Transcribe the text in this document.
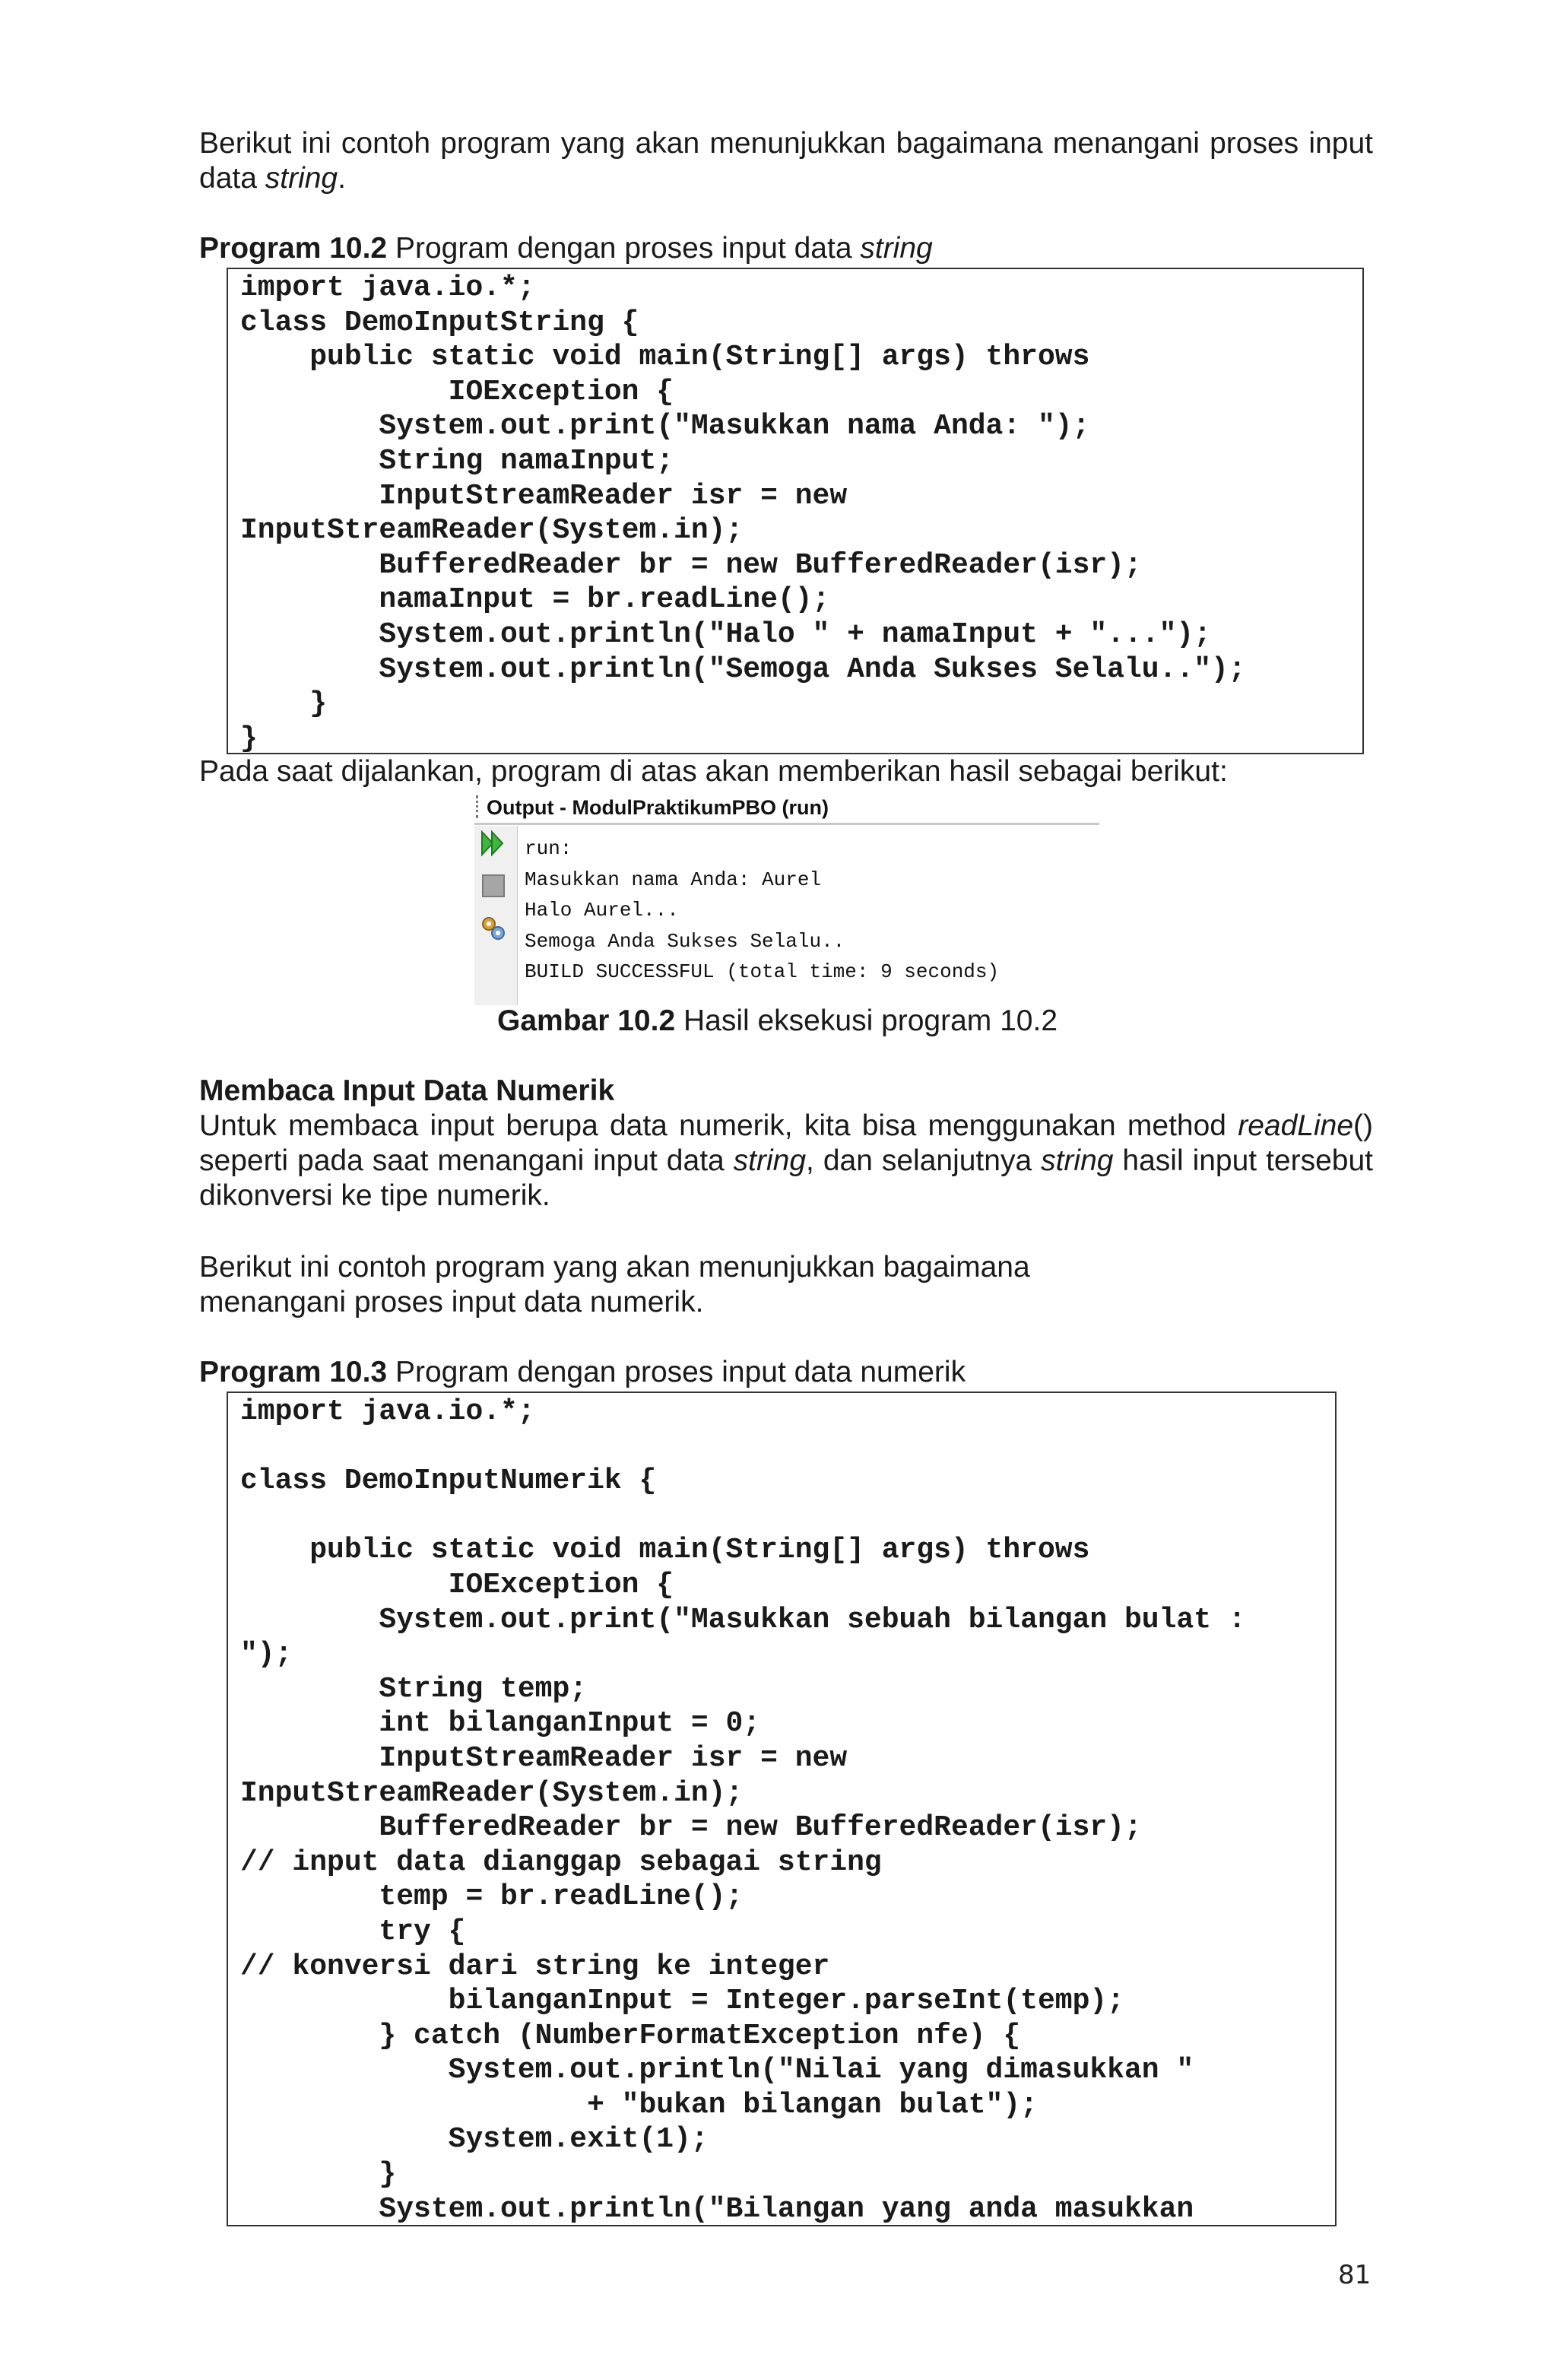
Berikut ini contoh program yang akan menunjukkan bagaimana menangani proses input data string.

Program 10.2 Program dengan proses input data string

import java.io.*;
class DemoInputString {
public static void main(String[] args) throws
IOException {
System.out.print("Masukkan nama Anda: ");
String namaInput;
InputStreamReader isr = new
InputStreamReader(System.in);
BufferedReader br = new BufferedReader(isr);
namaInput = br.readLine();
System.out.println("Halo " + namaInput + "...");
System.out.println("Semoga Anda Sukses Selalu..");
}
}

Pada saat dijalankan, program di atas akan memberikan hasil sebagai berikut:

Output - ModulPraktikumPBO (run)
run:
Masukkan nama Anda: Aurel
Halo Aurel...
Semoga Anda Sukses Selalu..
BUILD SUCCESSFUL (total time: 9 seconds)

Gambar 10.2 Hasil eksekusi program 10.2

Membaca Input Data Numerik

Untuk membaca input berupa data numerik, kita bisa menggunakan method readLine() seperti pada saat menangani input data string, dan selanjutnya string hasil input tersebut dikonversi ke tipe numerik.

Berikut ini contoh program yang akan menunjukkan bagaimana

menangani proses input data numerik.

Program 10.3 Program dengan proses input data numerik

import java.io.*;

class DemoInputNumerik {

public static void main(String[] args) throws
IOException {
System.out.print("Masukkan sebuah bilangan bulat :
");
String temp;
int bilanganInput = 0;
InputStreamReader isr = new
InputStreamReader(System.in);
BufferedReader br = new BufferedReader(isr);
// input data dianggap sebagai string
temp = br.readLine();
try {
// konversi dari string ke integer
bilanganInput = Integer.parseInt(temp);
} catch (NumberFormatException nfe) {
System.out.println("Nilai yang dimasukkan "
+ "bukan bilangan bulat");
System.exit(1);
}
System.out.println("Bilangan yang anda masukkan
81
